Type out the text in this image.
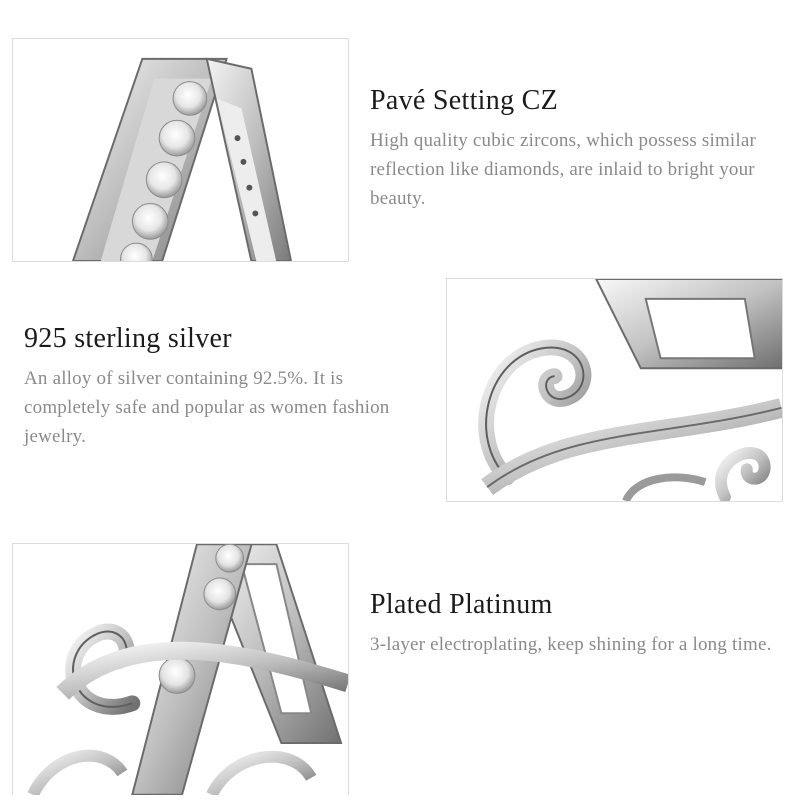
Pavé Setting CZ

High quality cubic zircons, which possess similar reflection like diamonds, are inlaid to bright your beauty.

925 sterling silver

An alloy of silver containing 92.5%. It is completely safe and popular as women fashion jewelry.

Plated Platinum

3-layer electroplating, keep shining for a long time.
